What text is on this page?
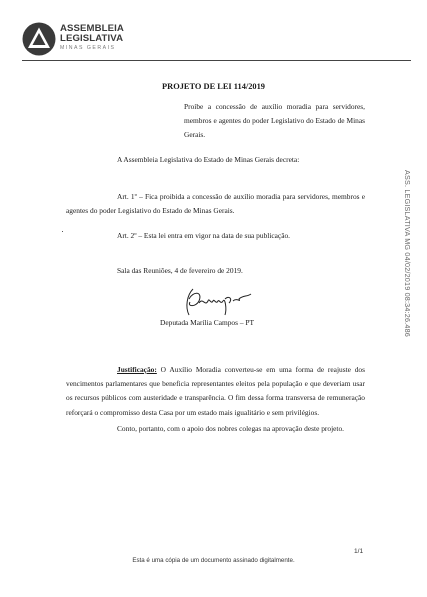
ASSEMBLEIA
LEGISLATIVA
MINAS GERAIS
PROJETO DE LEI 114/2019
Proíbe a concessão de auxílio moradia para servidores, membros e agentes do poder Legislativo do Estado de Minas Gerais.
A Assembleia Legislativa do Estado de Minas Gerais decreta:
Art. 1º – Fica proibida a concessão de auxílio moradia para servidores, membros e agentes do poder Legislativo do Estado de Minas Gerais.
Art. 2º – Esta lei entra em vigor na data de sua publicação.
Sala das Reuniões, 4 de fevereiro de 2019.
Deputada Marília Campos – PT
Justificação: O Auxílio Moradia converteu-se em uma forma de reajuste dos vencimentos parlamentares que beneficia representantes eleitos pela população e que deveriam usar os recursos públicos com austeridade e transparência. O fim dessa forma transversa de remuneração reforçará o compromisso desta Casa por um estado mais igualitário e sem privilégios.
Conto, portanto, com o apoio dos nobres colegas na aprovação deste projeto.
ASS. LEGISLATIVA MG 04/02/2019 08:34:26.486
1/1
Esta é uma cópia de um documento assinado digitalmente.
